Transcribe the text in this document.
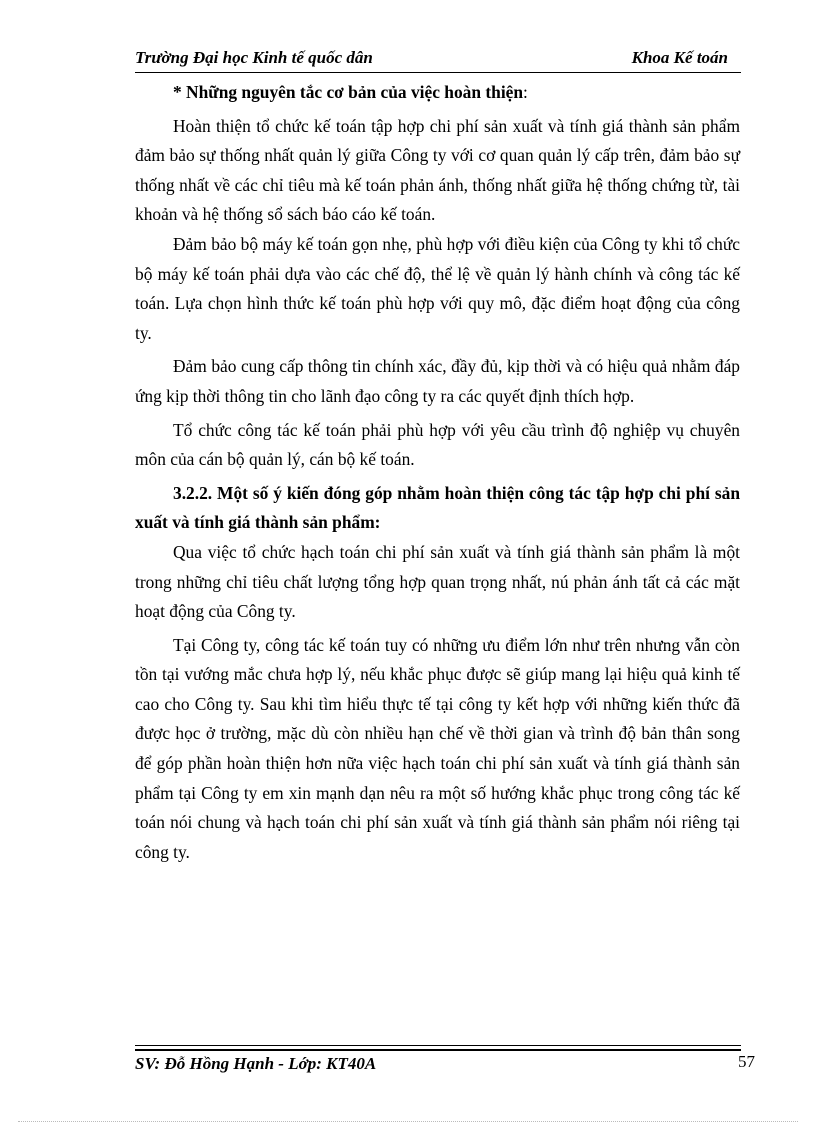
Trường Đại học Kinh tế quốc dân	Khoa Kế toán

* Những nguyên tắc cơ bản của việc hoàn thiện:

Hoàn thiện tổ chức kế toán tập hợp chi phí sản xuất và tính giá thành sản phẩm đảm bảo sự thống nhất quản lý giữa Công ty với cơ quan quản lý cấp trên, đảm bảo sự thống nhất về các chỉ tiêu mà kế toán phản ánh, thống nhất giữa hệ thống chứng từ, tài khoản và hệ thống sổ sách báo cáo kế toán.

Đảm bảo bộ máy kế toán gọn nhẹ, phù hợp với điều kiện của Công ty khi tổ chức bộ máy kế toán phải dựa vào các chế độ, thể lệ về quản lý hành chính và công tác kế toán. Lựa chọn hình thức kế toán phù hợp với quy mô, đặc điểm hoạt động của công ty.

Đảm bảo cung cấp thông tin chính xác, đầy đủ, kịp thời và có hiệu quả nhằm đáp ứng kịp thời thông tin cho lãnh đạo công ty ra các quyết định thích hợp.

Tổ chức công tác kế toán phải phù hợp với yêu cầu trình độ nghiệp vụ chuyên môn của cán bộ quản lý, cán bộ kế toán.

3.2.2. Một số ý kiến đóng góp nhằm hoàn thiện công tác tập hợp chi phí sản xuất và tính giá thành sản phẩm:

Qua việc tổ chức hạch toán chi phí sản xuất và tính giá thành sản phẩm là một trong những chỉ tiêu chất lượng tổng hợp quan trọng nhất, nú phản ánh tất cả các mặt hoạt động của Công ty.

Tại Công ty, công tác kế toán tuy có những ưu điểm lớn như trên nhưng vẫn còn tồn tại vướng mắc chưa hợp lý, nếu khắc phục được sẽ giúp mang lại hiệu quả kinh tế cao cho Công ty. Sau khi tìm hiểu thực tế tại công ty kết hợp với những kiến thức đã được học ở trường, mặc dù còn nhiều hạn chế về thời gian và trình độ bản thân song để góp phần hoàn thiện hơn nữa việc hạch toán chi phí sản xuất và tính giá thành sản phẩm tại Công ty em xin mạnh dạn nêu ra một số hướng khắc phục trong công tác kế toán nói chung và hạch toán chi phí sản xuất và tính giá thành sản phẩm nói riêng tại công ty.

SV: Đỗ Hồng Hạnh - Lớp: KT40A	57
